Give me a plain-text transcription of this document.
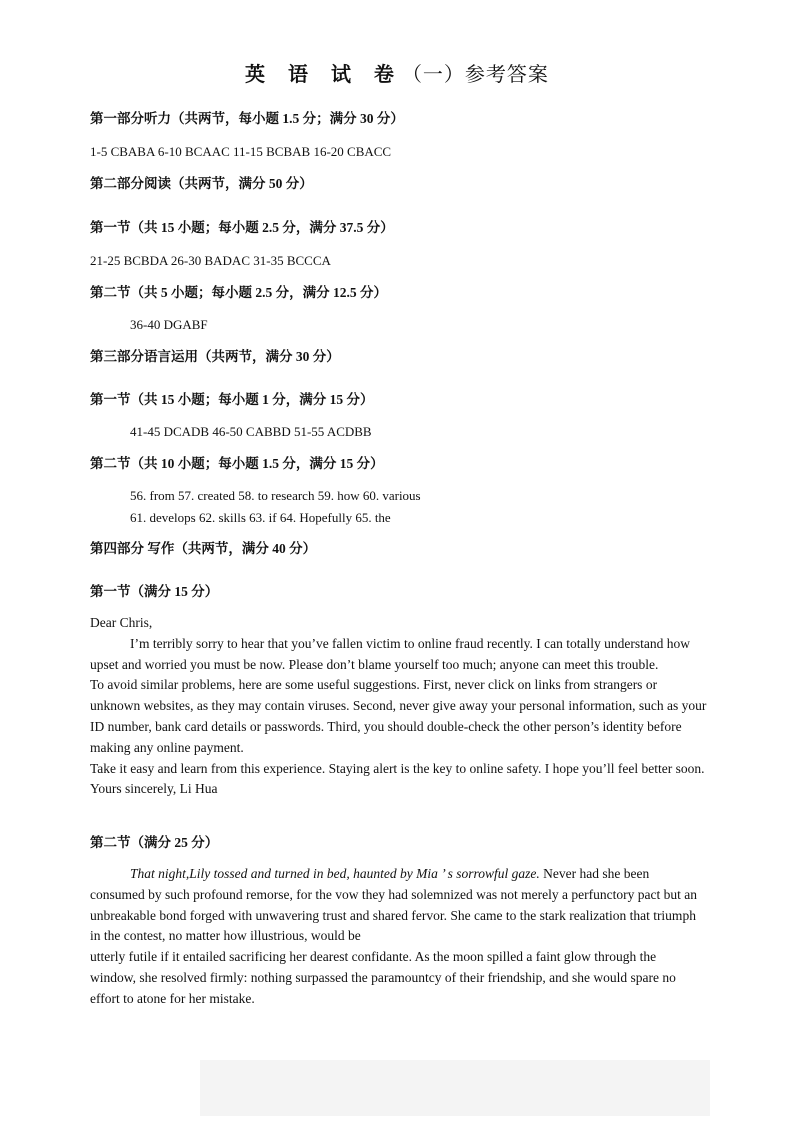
英 语 试 卷（一）参考答案
第一部分听力（共两节，每小题 1.5 分；满分 30 分）
1-5 CBABA 6-10 BCAAC 11-15 BCBAB 16-20 CBACC
第二部分阅读（共两节，满分 50 分）
第一节（共 15 小题；每小题 2.5 分，满分 37.5 分）
21-25 BCBDA 26-30 BADAC 31-35 BCCCA
第二节（共 5 小题；每小题 2.5 分，满分 12.5 分）
36-40 DGABF
第三部分语言运用（共两节，满分 30 分）
第一节（共 15 小题；每小题 1 分，满分 15 分）
41-45 DCADB 46-50 CABBD 51-55 ACDBB
第二节（共 10 小题；每小题 1.5 分，满分 15 分）
56. from 57. created 58. to research 59. how 60. various
61. develops 62. skills 63. if 64. Hopefully 65. the
第四部分 写作（共两节，满分 40 分）
第一节（满分 15 分）
Dear Chris,
I’m terribly sorry to hear that you’ve fallen victim to online fraud recently. I can totally understand how upset and worried you must be now. Please don’t blame yourself too much; anyone can meet this trouble.
To avoid similar problems, here are some useful suggestions. First, never click on links from strangers or unknown websites, as they may contain viruses. Second, never give away your personal information, such as your ID number, bank card details or passwords. Third, you should double-check the other person’s identity before making any online payment.
Take it easy and learn from this experience. Staying alert is the key to online safety. I hope you’ll feel better soon.
Yours sincerely, Li Hua
第二节（满分 25 分）
That night,Lily tossed and turned in bed, haunted by Mia ’ s sorrowful gaze. Never had she been consumed by such profound remorse, for the vow they had solemnized was not merely a perfunctory pact but an unbreakable bond forged with unwavering trust and shared fervor. She came to the stark realization that triumph in the contest, no matter how illustrious, would be
utterly futile if it entailed sacrificing her dearest confidante. As the moon spilled a faint glow through the window, she resolved firmly: nothing surpassed the paramountcy of their friendship, and she would spare no effort to atone for her mistake.
